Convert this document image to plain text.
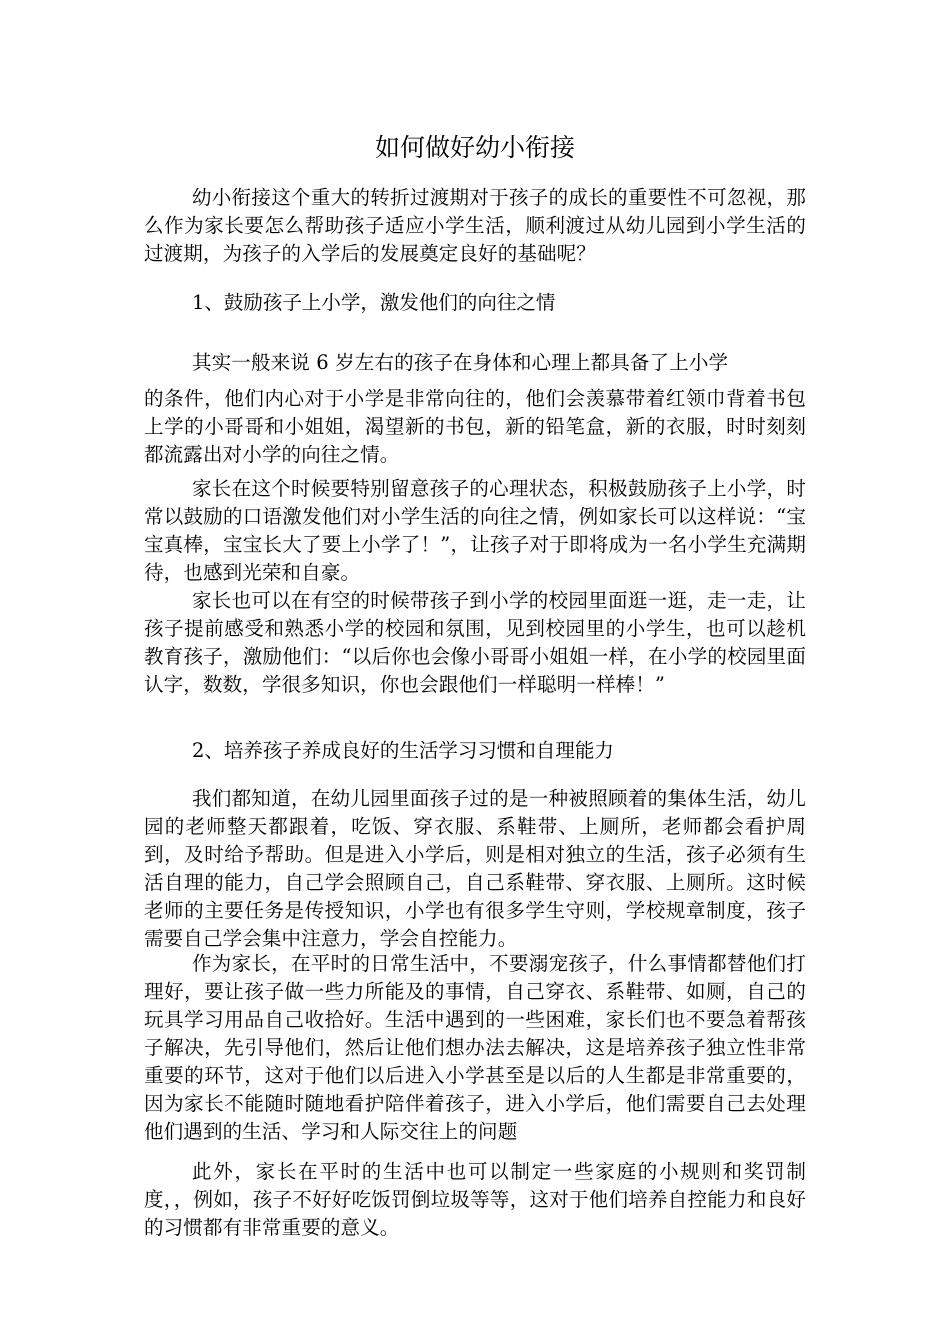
如何做好幼小衔接

幼小衔接这个重大的转折过渡期对于孩子的成长的重要性不可忽视，那么作为家长要怎么帮助孩子适应小学生活，顺利渡过从幼儿园到小学生活的过渡期，为孩子的入学后的发展奠定良好的基础呢？

1、鼓励孩子上小学，激发他们的向往之情

其实一般来说 6 岁左右的孩子在身体和心理上都具备了上小学

的条件，他们内心对于小学是非常向往的，他们会羡慕带着红领巾背着书包上学的小哥哥和小姐姐，渴望新的书包，新的铅笔盒，新的衣服，时时刻刻都流露出对小学的向往之情。

家长在这个时候要特别留意孩子的心理状态，积极鼓励孩子上小学，时常以鼓励的口语激发他们对小学生活的向往之情，例如家长可以这样说：“宝宝真棒，宝宝长大了要上小学了！”，让孩子对于即将成为一名小学生充满期待，也感到光荣和自豪。

家长也可以在有空的时候带孩子到小学的校园里面逛一逛，走一走，让孩子提前感受和熟悉小学的校园和氛围，见到校园里的小学生，也可以趁机教育孩子，激励他们：“以后你也会像小哥哥小姐姐一样，在小学的校园里面认字，数数，学很多知识，你也会跟他们一样聪明一样棒！”

2、培养孩子养成良好的生活学习习惯和自理能力

我们都知道，在幼儿园里面孩子过的是一种被照顾着的集体生活，幼儿园的老师整天都跟着，吃饭、穿衣服、系鞋带、上厕所，老师都会看护周到，及时给予帮助。但是进入小学后，则是相对独立的生活，孩子必须有生活自理的能力，自己学会照顾自己，自己系鞋带、穿衣服、上厕所。这时候老师的主要任务是传授知识，小学也有很多学生守则，学校规章制度，孩子需要自己学会集中注意力，学会自控能力。

作为家长，在平时的日常生活中，不要溺宠孩子，什么事情都替他们打理好，要让孩子做一些力所能及的事情，自己穿衣、系鞋带、如厕，自己的玩具学习用品自己收拾好。生活中遇到的一些困难，家长们也不要急着帮孩子解决，先引导他们，然后让他们想办法去解决，这是培养孩子独立性非常重要的环节，这对于他们以后进入小学甚至是以后的人生都是非常重要的，因为家长不能随时随地看护陪伴着孩子，进入小学后，他们需要自己去处理他们遇到的生活、学习和人际交往上的问题

此外，家长在平时的生活中也可以制定一些家庭的小规则和奖罚制度，，例如，孩子不好好吃饭罚倒垃圾等等，这对于他们培养自控能力和良好的习惯都有非常重要的意义。
